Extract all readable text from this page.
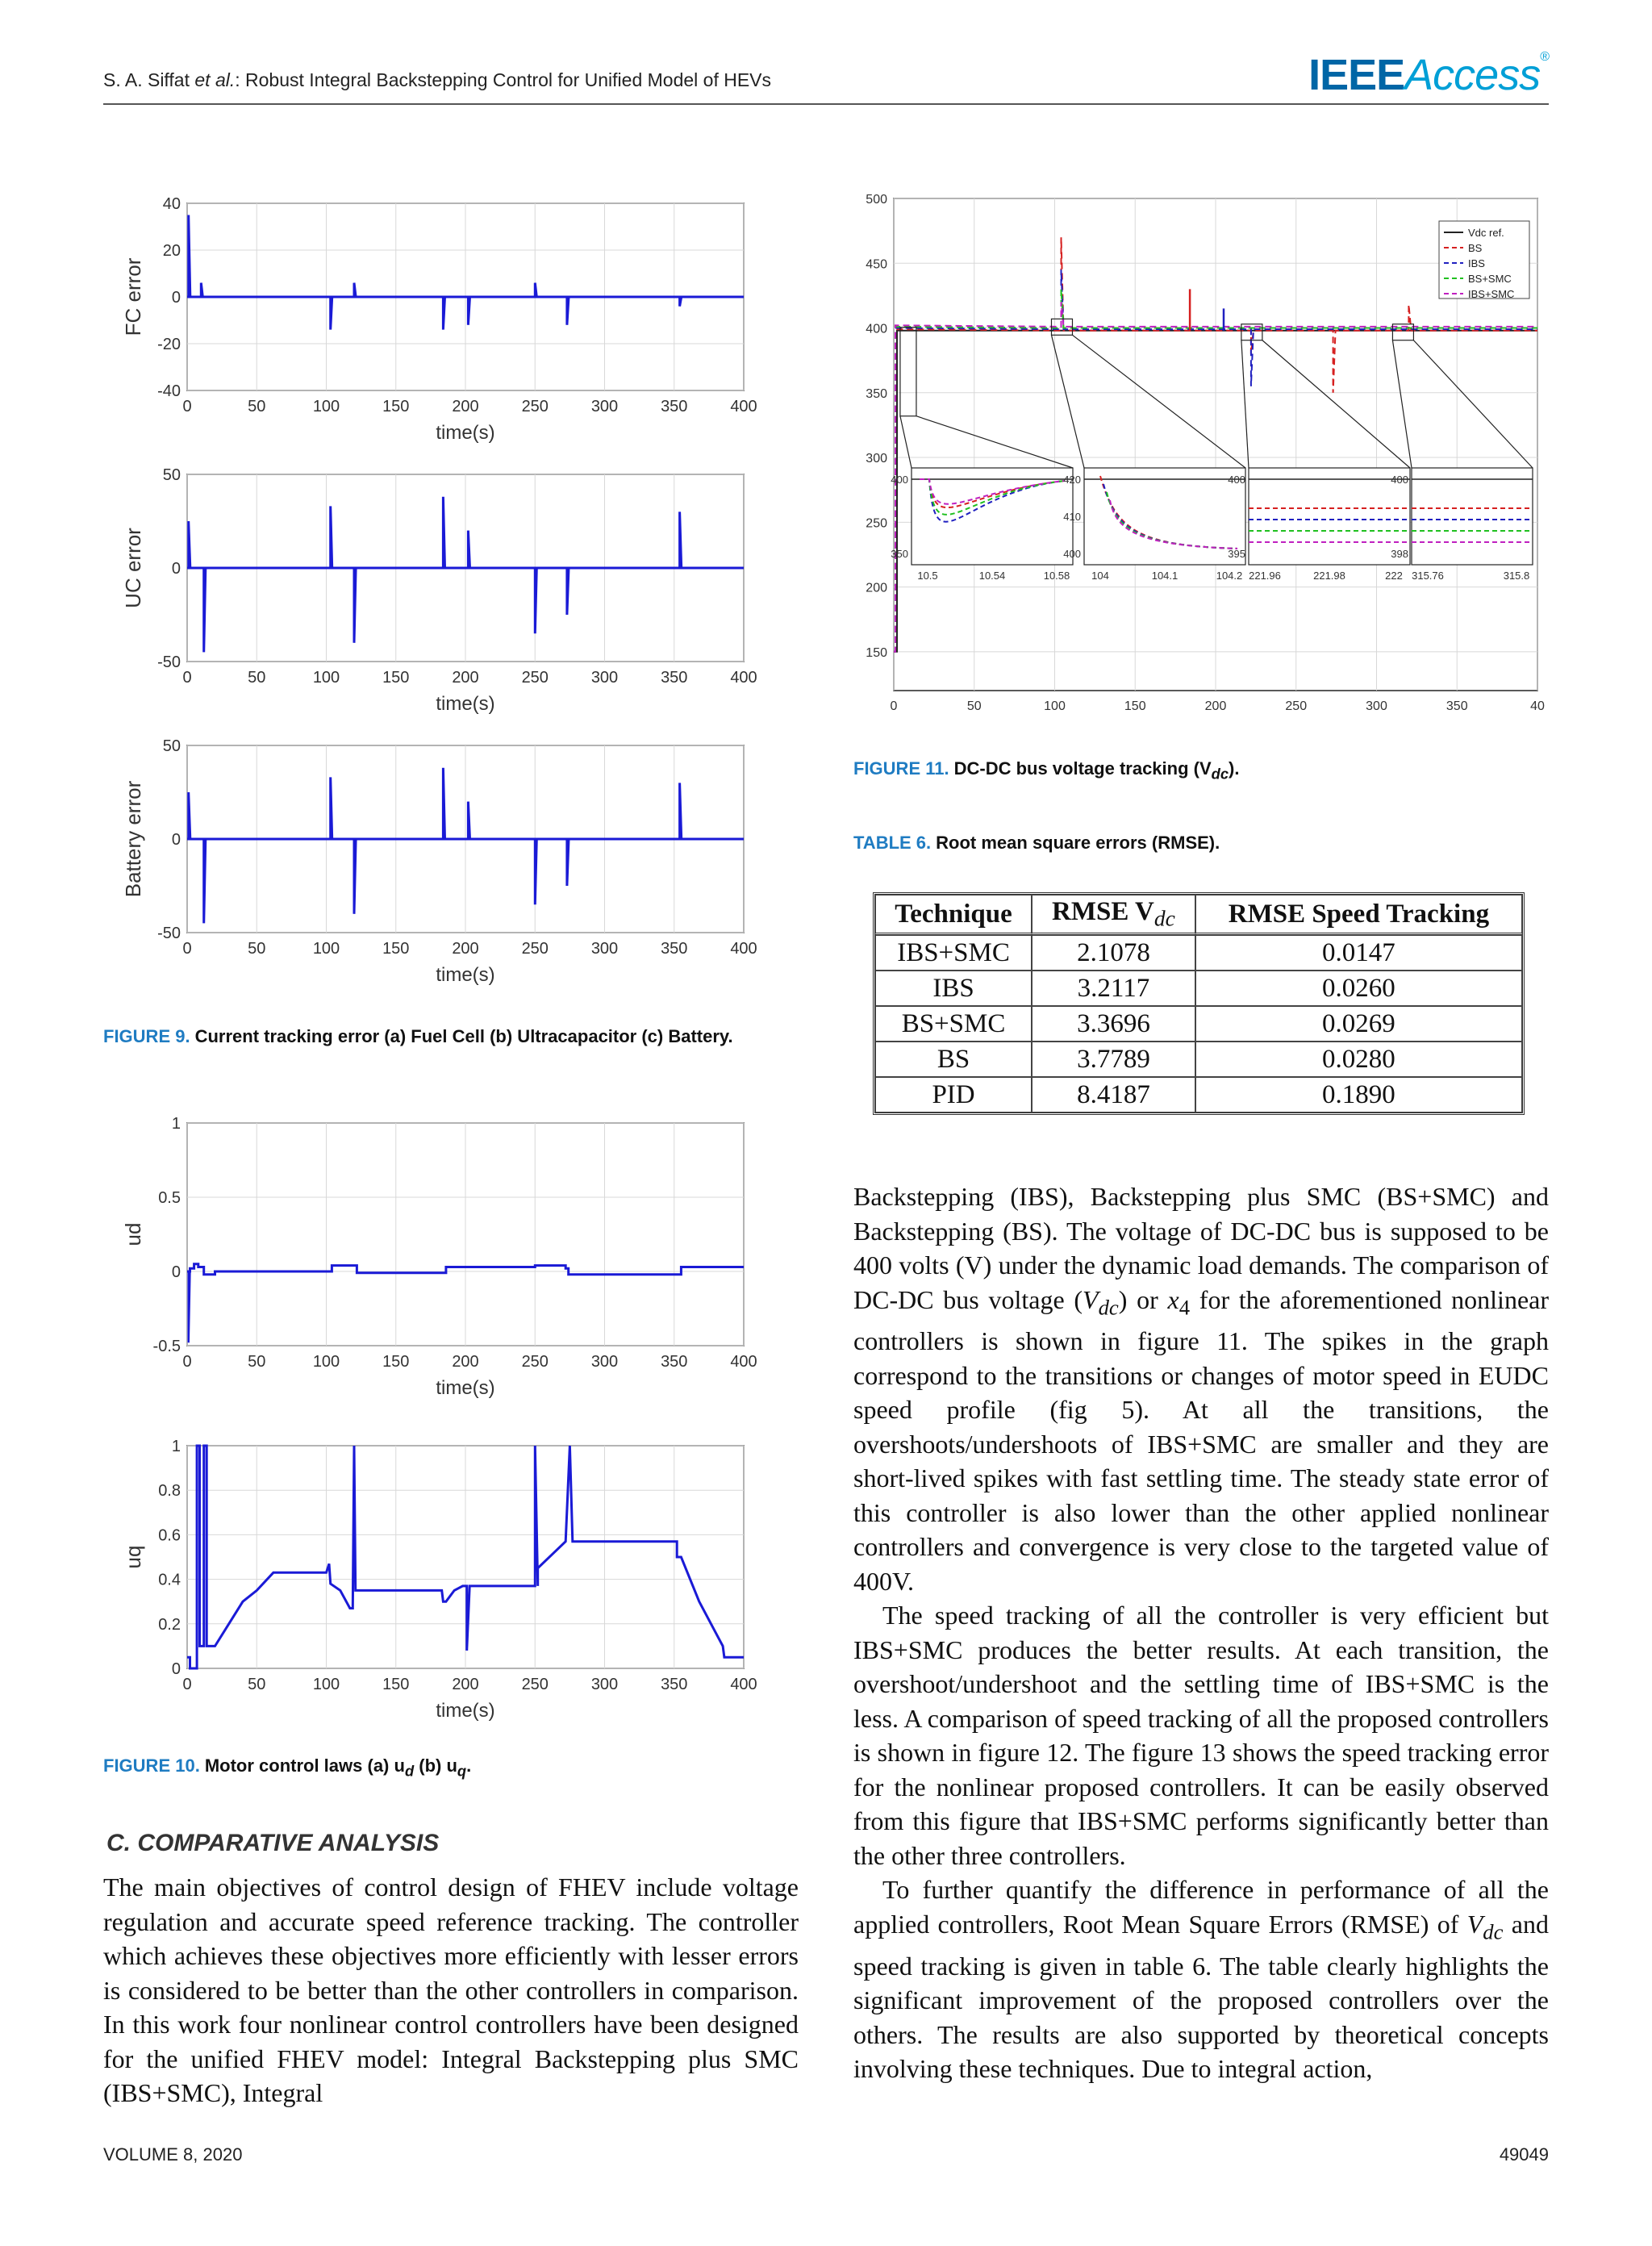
S. A. Siffat et al.: Robust Integral Backstepping Control for Unified Model of HEVs	IEEEAccess®
0	50	100	150	200	250	300	350	400
40
20
0
-20
-40
FC error
time(s)
0	50	100	150	200	250	300	350	400
50
0
-50
UC error
time(s)
0	50	100	150	200	250	300	350	400
50
0
-50
Battery error
time(s)
FIGURE 9. Current tracking error (a) Fuel Cell (b) Ultracapacitor (c) Battery.
0	50	100	150	200	250	300	350	400
1
0.5
0
-0.5
ud
time(s)
0	50	100	150	200	250	300	350	400
1
0.8
0.6
0.4
0.2
0
uq
time(s)
FIGURE 10. Motor control laws (a) $u_d$ (b) $u_q$.
500
450
400
350
300
250
200
150
0	50	100	150	200	250	300	350	40
Vdc ref.
BS
IBS
BS+SMC
IBS+SMC
400
350
10.5	10.54	10.58
420
410
400
104	104.1	104.2
400
395
221.96	221.98	222
400
398
315.76	315.8
FIGURE 11. DC-DC bus voltage tracking $(V_{dc})$.
TABLE 6. Root mean square errors (RMSE).
Technique	RMSE $V_{dc}$	RMSE Speed Tracking
IBS+SMC	2.1078	0.0147
IBS	3.2117	0.0260
BS+SMC	3.3696	0.0269
BS	3.7789	0.0280
PID	8.4187	0.1890
C. COMPARATIVE ANALYSIS

The main objectives of control design of FHEV include voltage regulation and accurate speed reference tracking. The controller which achieves these objectives more efficiently with lesser errors is considered to be better than the other controllers in comparison. In this work four nonlinear control controllers have been designed for the unified FHEV model: Integral Backstepping plus SMC (IBS+SMC), Integral

Backstepping (IBS), Backstepping plus SMC (BS+SMC) and Backstepping (BS). The voltage of DC-DC bus is supposed to be 400 volts (V) under the dynamic load demands. The comparison of DC-DC bus voltage $(V_{dc})$ or $x_4$ for the aforementioned nonlinear controllers is shown in figure 11. The spikes in the graph correspond to the transitions or changes of motor speed in EUDC speed profile (fig 5). At all the transitions, the overshoots/undershoots of IBS+SMC are smaller and they are short-lived spikes with fast settling time. The steady state error of this controller is also lower than the other applied nonlinear controllers and convergence is very close to the targeted value of 400V.

The speed tracking of all the controller is very efficient but IBS+SMC produces the better results. At each transition, the overshoot/undershoot and the settling time of IBS+SMC is the less. A comparison of speed tracking of all the proposed controllers is shown in figure 12. The figure 13 shows the speed tracking error for the nonlinear proposed controllers. It can be easily observed from this figure that IBS+SMC performs significantly better than the other three controllers.

To further quantify the difference in performance of all the applied controllers, Root Mean Square Errors (RMSE) of $V_{dc}$ and speed tracking is given in table 6. The table clearly highlights the significant improvement of the proposed controllers over the others. The results are also supported by theoretical concepts involving these techniques. Due to integral action,

VOLUME 8, 2020	49049
